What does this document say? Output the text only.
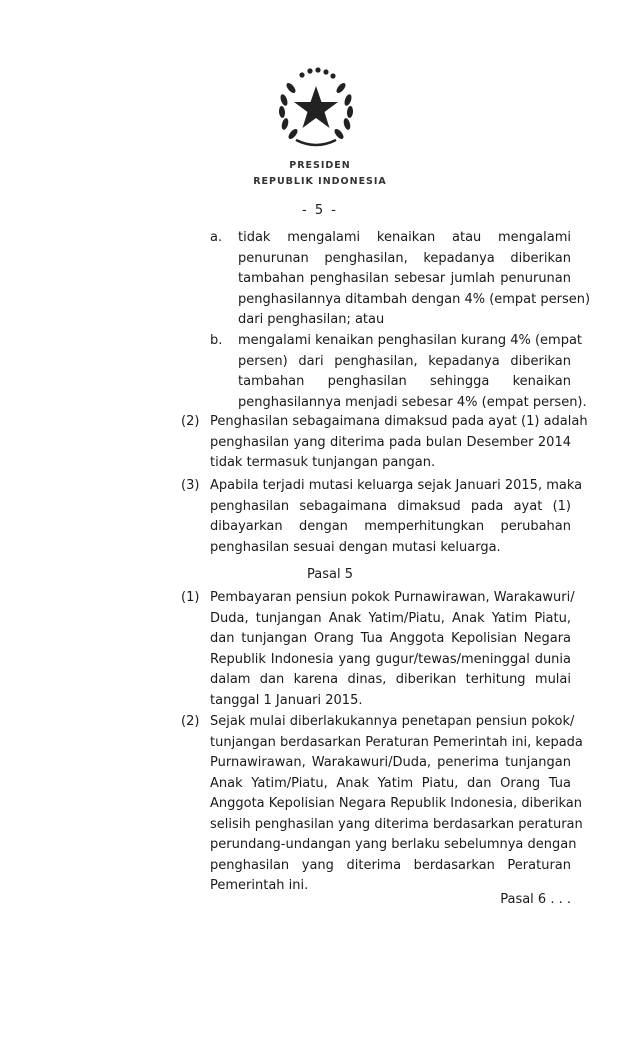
PRESIDEN
REPUBLIK INDONESIA
- 5 -
a. tidak mengalami kenaikan atau mengalami
penurunan penghasilan, kepadanya diberikan
tambahan penghasilan sebesar jumlah penurunan
penghasilannya ditambah dengan 4% (empat persen)
dari penghasilan; atau
b. mengalami kenaikan penghasilan kurang 4% (empat
persen) dari penghasilan, kepadanya diberikan
tambahan penghasilan sehingga kenaikan
penghasilannya menjadi sebesar 4% (empat persen).
(2) Penghasilan sebagaimana dimaksud pada ayat (1) adalah
penghasilan yang diterima pada bulan Desember 2014
tidak termasuk tunjangan pangan.
(3) Apabila terjadi mutasi keluarga sejak Januari 2015, maka
penghasilan sebagaimana dimaksud pada ayat (1)
dibayarkan dengan memperhitungkan perubahan
penghasilan sesuai dengan mutasi keluarga.
Pasal 5
(1) Pembayaran pensiun pokok Purnawirawan, Warakawuri/
Duda, tunjangan Anak Yatim/Piatu, Anak Yatim Piatu,
dan tunjangan Orang Tua Anggota Kepolisian Negara
Republik Indonesia yang gugur/tewas/meninggal dunia
dalam dan karena dinas, diberikan terhitung mulai
tanggal 1 Januari 2015.
(2) Sejak mulai diberlakukannya penetapan pensiun pokok/
tunjangan berdasarkan Peraturan Pemerintah ini, kepada
Purnawirawan, Warakawuri/Duda, penerima tunjangan
Anak Yatim/Piatu, Anak Yatim Piatu, dan Orang Tua
Anggota Kepolisian Negara Republik Indonesia, diberikan
selisih penghasilan yang diterima berdasarkan peraturan
perundang-undangan yang berlaku sebelumnya dengan
penghasilan yang diterima berdasarkan Peraturan
Pemerintah ini.
Pasal 6 . . .
